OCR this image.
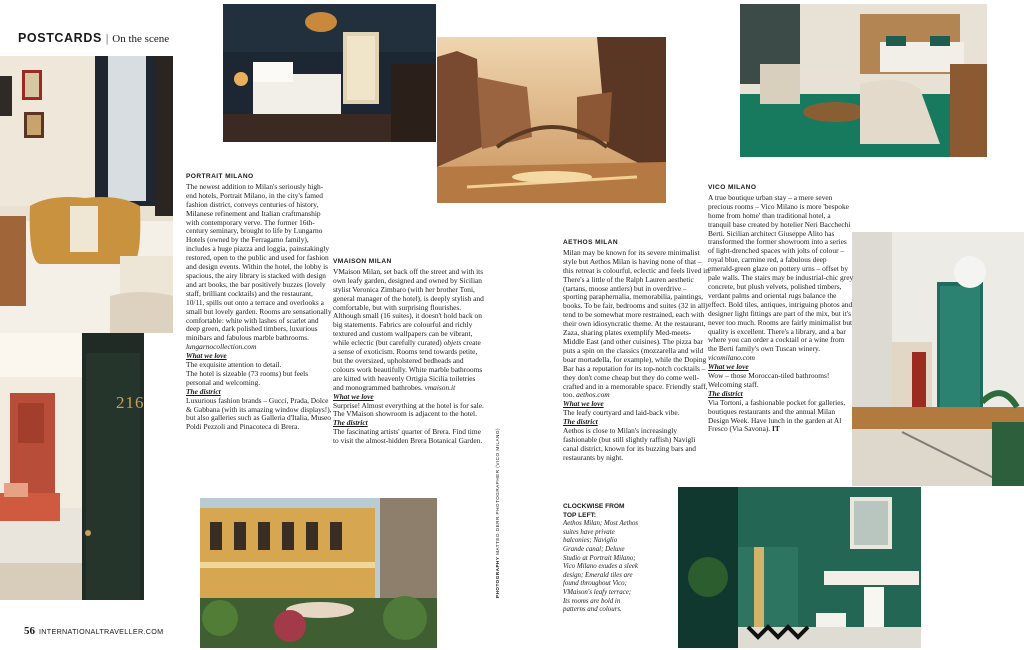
POSTCARDS | On the scene
216
PORTRAIT MILANO

The newest addition to Milan's seriously high-end hotels, Portrait Milano, in the city's famed fashion district, conveys centuries of history, Milanese refinement and Italian craftmanship with contemporary verve. The former 16th-century seminary, brought to life by Lungarno Hotels (owned by the Ferragamo family), includes a huge piazza and loggia, painstakingly restored, open to the public and used for fashion and design events. Within the hotel, the lobby is spacious, the airy library is stacked with design and art books, the bar positively buzzes (lovely staff, brilliant cocktails) and the restaurant, 10/11, spills out onto a terrace and overlooks a small but lovely garden. Rooms are sensationally comfortable: white with lashes of scarlet and deep green, dark polished timbers, luxurious minibars and fabulous marble bathrooms. lungarnocollection.com

What we love

The exquisite attention to detail.

The hotel is sizeable (73 rooms) but feels personal and welcoming.

The district

Luxurious fashion brands – Gucci, Prada, Dolce & Gabbana (with its amazing window displays!), but also galleries such as Galleria d'Italia, Museo Poldi Pezzoli and Pinacoteca di Brera.

VMAISON MILAN

VMaison Milan, set back off the street and with its own leafy garden, designed and owned by Sicilian stylist Veronica Zimbaro (with her brother Toni, general manager of the hotel), is deeply stylish and comfortable, but with surprising flourishes. Although small (16 suites), it doesn't hold back on big statements. Fabrics are colourful and richly textured and custom wallpapers can be vibrant, while eclectic (but carefully curated) objets create a sense of exoticism. Rooms tend towards petite, but the oversized, upholstered bedheads and colours work beautifully. White marble bathrooms are kitted with heavenly Ortigia Sicilia toiletries and monogrammed bathrobes. vmaison.it

What we love

Surprise! Almost everything at the hotel is for sale. The VMaison showroom is adjacent to the hotel.

The district

The fascinating artists' quarter of Brera. Find time to visit the almost-hidden Brera Botanical Garden.

PHOTOGRAPHY MATTEO DERR PHOTOGRAPHER (VICO MILANO)
AETHOS MILAN

Milan may be known for its severe minimalist style but Aethos Milan is having none of that – this retreat is colourful, eclectic and feels lived in. There's a little of the Ralph Lauren aesthetic (tartans, moose antlers) but in overdrive – sporting paraphernalia, memorabilia, paintings, books. To be fair, bedrooms and suites (32 in all) tend to be somewhat more restrained, each with their own idiosyncratic theme. At the restaurant, Zaza, sharing plates exemplify Med-meets-Middle East (and other cuisines). The pizza bar puts a spin on the classics (mozzarella and wild boar mortadella, for example), while the Doping Bar has a reputation for its top-notch cocktails – they don't come cheap but they do come well-crafted and in a memorable space. Friendly staff, too. aethos.com

What we love

The leafy courtyard and laid-back vibe.

The district

Aethos is close to Milan's increasingly fashionable (but still slightly raffish) Navigli canal district, known for its buzzing bars and restaurants by night.

CLOCKWISE FROM TOP LEFT:
Aethos Milan; Most Aethos suites have private balconies; Naviglio Grande canal; Deluxe Studio at Portrait Milano; Vico Milano exudes a sleek design; Emerald tiles are found throughout Vico; VMaison's leafy terrace; Its rooms are bold in patterns and colours.
VICO MILANO

A true boutique urban stay – a mere seven precious rooms – Vico Milano is more 'bespoke home from home' than traditional hotel, a tranquil base created by hotelier Neri Bacchechi Berti. Sicilian architect Giuseppe Alito has transformed the former showroom into a series of light-drenched spaces with jolts of colour – royal blue, carmine red, a fabulous deep emerald-green glaze on pottery urns – offset by pale walls. The stairs may be industrial-chic grey concrete, but plush velvets, polished timbers, verdant palms and oriental rugs balance the effect. Bold tiles, antiques, intriguing photos and designer light fittings are part of the mix, but it's never too much. Rooms are fairly minimalist but quality is excellent. There's a library, and a bar where you can order a cocktail or a wine from the Berti family's own Tuscan winery. vicomilano.com

What we love

Wow – those Moroccan-tiled bathrooms! Welcoming staff.

The district

Via Tortoni, a fashionable pocket for galleries, boutiques restaurants and the annual Milan Design Week. Have lunch in the garden at Al Fresco (Via Savona). IT

56 INTERNATIONALTRAVELLER.COM
